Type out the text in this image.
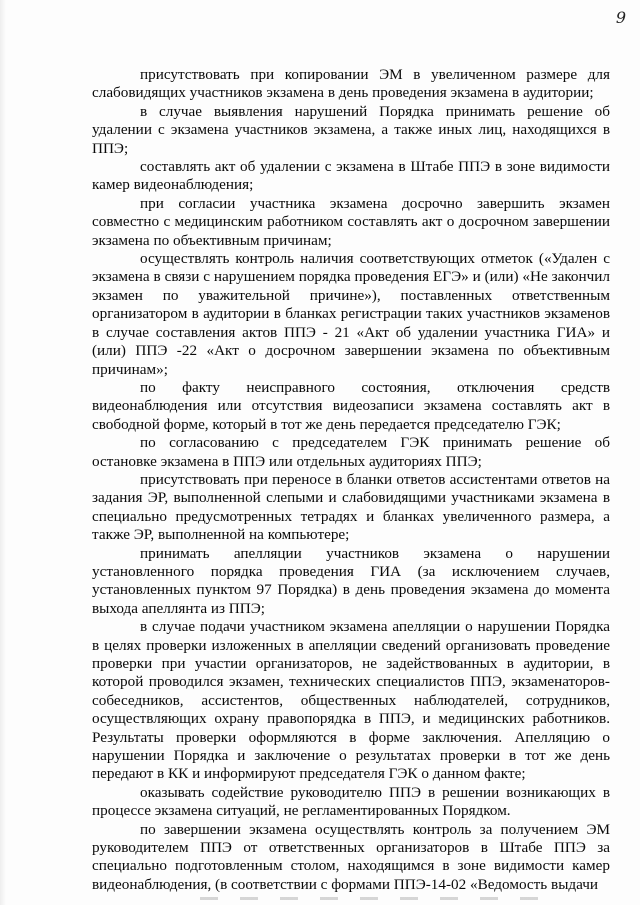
9

присутствовать при копировании ЭМ в увеличенном размере для слабовидящих участников экзамена в день проведения экзамена в аудитории;

в случае выявления нарушений Порядка принимать решение об удалении с экзамена участников экзамена, а также иных лиц, находящихся в ППЭ;

составлять акт об удалении с экзамена в Штабе ППЭ в зоне видимости камер видеонаблюдения;

при согласии участника экзамена досрочно завершить экзамен совместно с медицинским работником составлять акт о досрочном завершении экзамена по объективным причинам;

осуществлять контроль наличия соответствующих отметок («Удален с экзамена в связи с нарушением порядка проведения ЕГЭ» и (или) «Не закончил экзамен по уважительной причине»), поставленных ответственным организатором в аудитории в бланках регистрации таких участников экзаменов в случае составления актов ППЭ - 21 «Акт об удалении участника ГИА» и (или) ППЭ -22 «Акт о досрочном завершении экзамена по объективным причинам»;

по факту неисправного состояния, отключения средств видеонаблюдения или отсутствия видеозаписи экзамена составлять акт в свободной форме, который в тот же день передается председателю ГЭК;

по согласованию с председателем ГЭК принимать решение об остановке экзамена в ППЭ или отдельных аудиториях ППЭ;

присутствовать при переносе в бланки ответов ассистентами ответов на задания ЭР, выполненной слепыми и слабовидящими участниками экзамена в специально предусмотренных тетрадях и бланках увеличенного размера, а также ЭР, выполненной на компьютере;

принимать апелляции участников экзамена о нарушении установленного порядка проведения ГИА (за исключением случаев, установленных пунктом 97 Порядка) в день проведения экзамена до момента выхода апеллянта из ППЭ;

в случае подачи участником экзамена апелляции о нарушении Порядка в целях проверки изложенных в апелляции сведений организовать проведение проверки при участии организаторов, не задействованных в аудитории, в которой проводился экзамен, технических специалистов ППЭ, экзаменаторов-собеседников, ассистентов, общественных наблюдателей, сотрудников, осуществляющих охрану правопорядка в ППЭ, и медицинских работников. Результаты проверки оформляются в форме заключения. Апелляцию о нарушении Порядка и заключение о результатах проверки в тот же день передают в КК и информируют председателя ГЭК о данном факте;

оказывать содействие руководителю ППЭ в решении возникающих в процессе экзамена ситуаций, не регламентированных Порядком.

по завершении экзамена осуществлять контроль за получением ЭМ руководителем ППЭ от ответственных организаторов в Штабе ППЭ за специально подготовленным столом, находящимся в зоне видимости камер видеонаблюдения, (в соответствии с формами ППЭ-14-02 «Ведомость выдачи
